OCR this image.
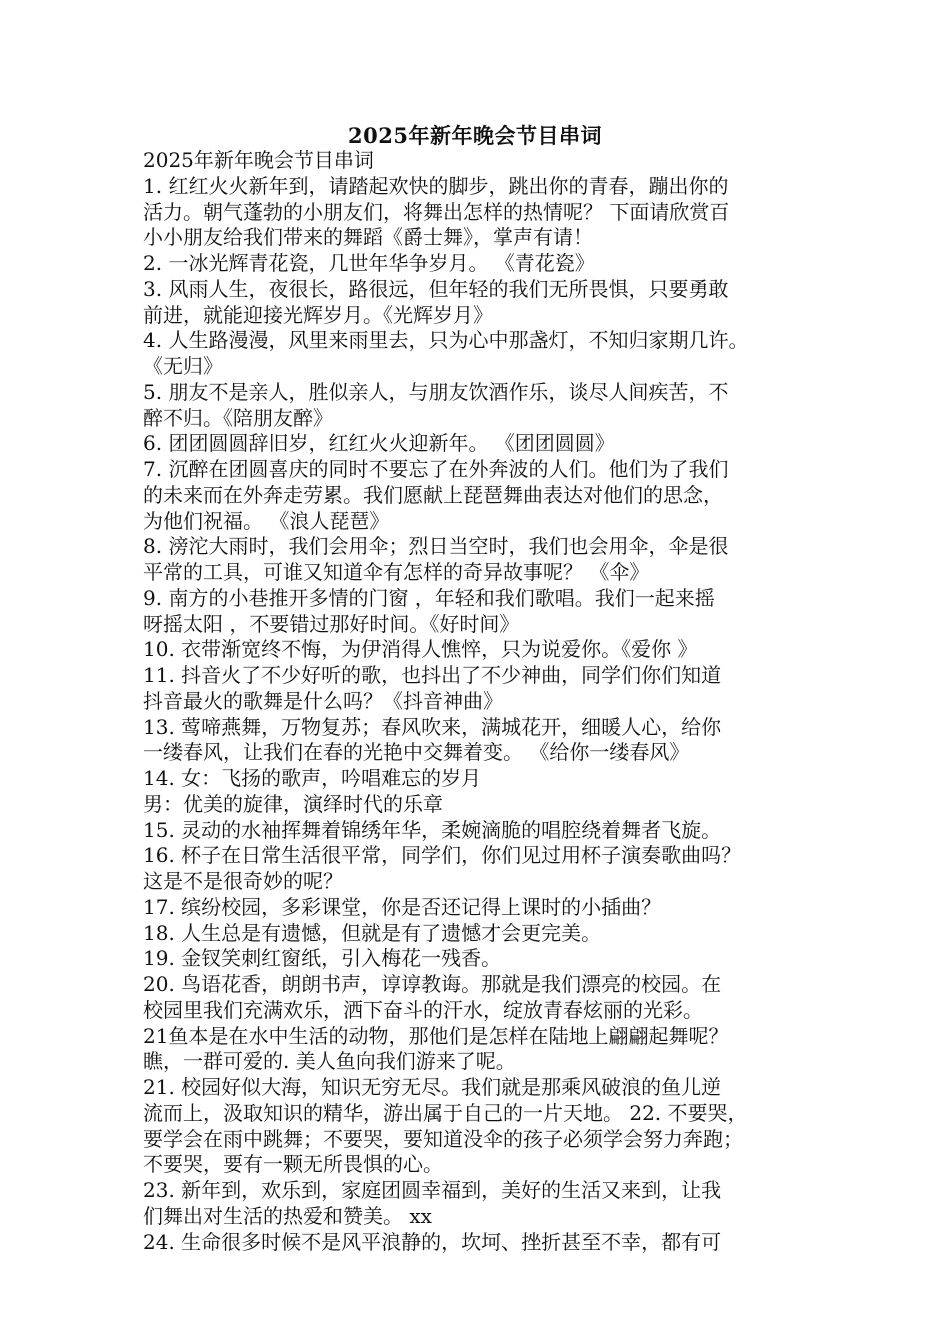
2025年新年晚会节目串词
2025年新年晚会节目串词
1. 红红火火新年到，请踏起欢快的脚步，跳出你的青春，蹦出你的
活力。朝气蓬勃的小朋友们，将舞出怎样的热情呢？ 下面请欣赏百
小小朋友给我们带来的舞蹈《爵士舞》，掌声有请！
2. 一冰光辉青花瓷，几世年华争岁月。 《青花瓷》
3. 风雨人生，夜很长，路很远，但年轻的我们无所畏惧，只要勇敢
前进，就能迎接光辉岁月。《光辉岁月》
4. 人生路漫漫，风里来雨里去，只为心中那盏灯，不知归家期几许。
《无归》
5. 朋友不是亲人，胜似亲人，与朋友饮酒作乐，谈尽人间疾苦，不
醉不归。《陪朋友醉》
6. 团团圆圆辞旧岁，红红火火迎新年。 《团团圆圆》
7. 沉醉在团圆喜庆的同时不要忘了在外奔波的人们。他们为了我们
的未来而在外奔走劳累。我们愿献上琵琶舞曲表达对他们的思念，
为他们祝福。 《浪人琵琶》
8. 滂沱大雨时，我们会用伞；烈日当空时，我们也会用伞，伞是很
平常的工具，可谁又知道伞有怎样的奇异故事呢？ 《伞》
9. 南方的小巷推开多情的门窗 ，年轻和我们歌唱。我们一起来摇
呀摇太阳 ，不要错过那好时间。《好时间》
10. 衣带渐宽终不悔，为伊消得人憔悴，只为说爱你。《爱你 》
11. 抖音火了不少好听的歌，也抖出了不少神曲，同学们你们知道
抖音最火的歌舞是什么吗？《抖音神曲》
13. 莺啼燕舞，万物复苏；春风吹来，满城花开，细暖人心，给你
一缕春风，让我们在春的光艳中交舞着变。 《给你一缕春风》
14. 女：飞扬的歌声，吟唱难忘的岁月
男：优美的旋律，演绎时代的乐章
15. 灵动的水袖挥舞着锦绣年华，柔婉滴脆的唱腔绕着舞者飞旋。
16. 杯子在日常生活很平常，同学们，你们见过用杯子演奏歌曲吗？
这是不是很奇妙的呢？
17. 缤纷校园，多彩课堂，你是否还记得上课时的小插曲？
18. 人生总是有遗憾，但就是有了遗憾才会更完美。
19. 金钗笑刺红窗纸，引入梅花一残香。
20. 鸟语花香，朗朗书声，谆谆教诲。那就是我们漂亮的校园。在
校园里我们充满欢乐，洒下奋斗的汗水，绽放青春炫丽的光彩。
21鱼本是在水中生活的动物，那他们是怎样在陆地上翩翩起舞呢？
瞧，一群可爱的. 美人鱼向我们游来了呢。
21. 校园好似大海，知识无穷无尽。我们就是那乘风破浪的鱼儿逆
流而上，汲取知识的精华，游出属于自己的一片天地。 22. 不要哭，
要学会在雨中跳舞；不要哭，要知道没伞的孩子必须学会努力奔跑；
不要哭，要有一颗无所畏惧的心。
23. 新年到，欢乐到，家庭团圆幸福到，美好的生活又来到，让我
们舞出对生活的热爱和赞美。 xx
24. 生命很多时候不是风平浪静的，坎坷、挫折甚至不幸，都有可
